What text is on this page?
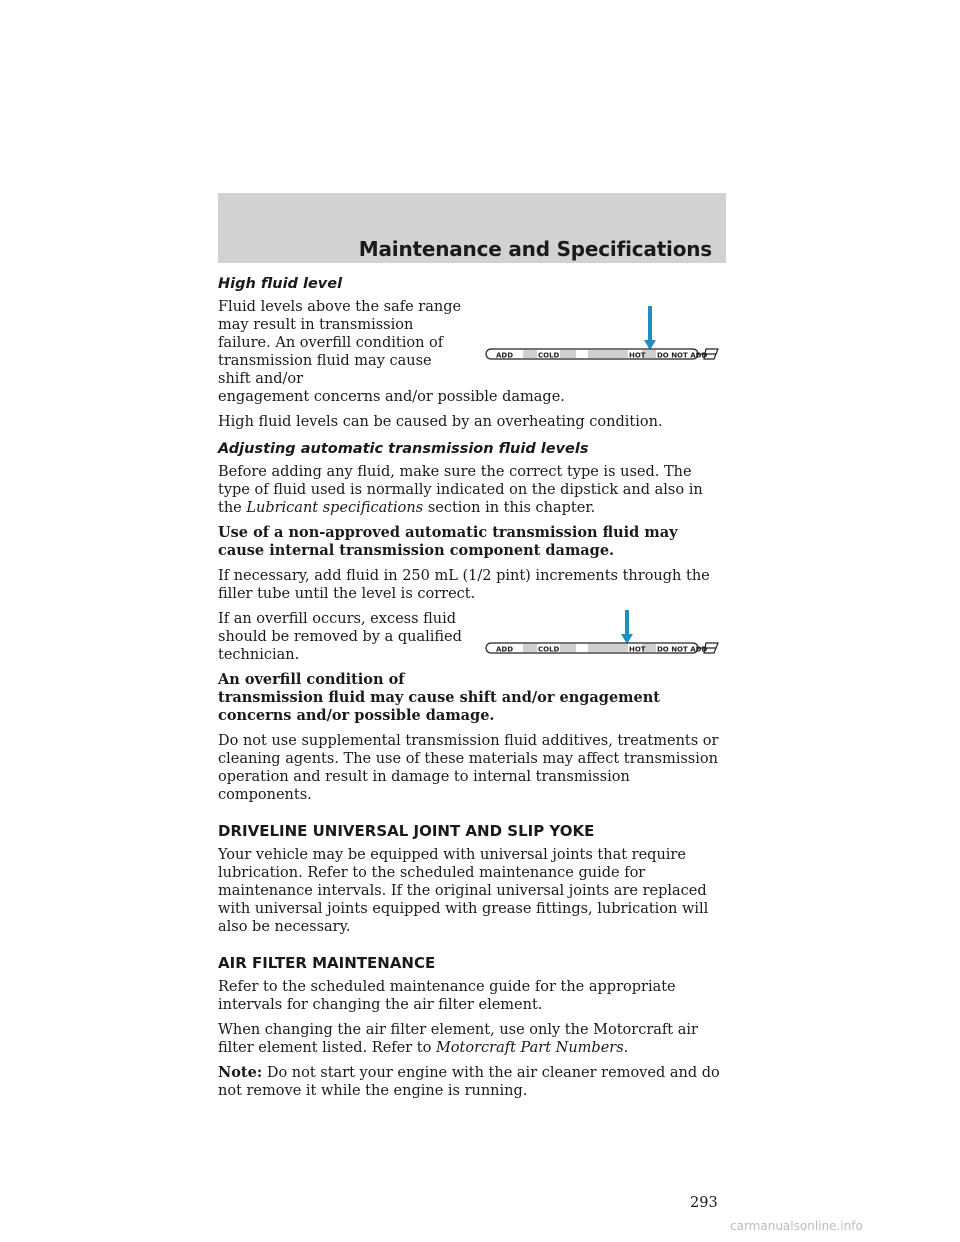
Maintenance and Specifications
High fluid level
ADD	COLD	HOT DO NOT ADD

Fluid levels above the safe range may result in transmission failure. An overfill condition of transmission fluid may cause shift and/or

engagement concerns and/or possible damage.

High fluid levels can be caused by an overheating condition.

Adjusting automatic transmission fluid levels

Before adding any fluid, make sure the correct type is used. The type of fluid used is normally indicated on the dipstick and also in the Lubricant specifications section in this chapter.

Use of a non-approved automatic transmission fluid may cause internal transmission component damage.

If necessary, add fluid in 250 mL (1/2 pint) increments through the filler tube until the level is correct.

ADD	COLD	HOT DO NOT ADD

If an overfill occurs, excess fluid should be removed by a qualified technician.

An overfill condition of

transmission fluid may cause shift and/or engagement concerns and/or possible damage.

Do not use supplemental transmission fluid additives, treatments or cleaning agents. The use of these materials may affect transmission operation and result in damage to internal transmission components.

DRIVELINE UNIVERSAL JOINT AND SLIP YOKE

Your vehicle may be equipped with universal joints that require lubrication. Refer to the scheduled maintenance guide for maintenance intervals. If the original universal joints are replaced with universal joints equipped with grease fittings, lubrication will also be necessary.

AIR FILTER MAINTENANCE

Refer to the scheduled maintenance guide for the appropriate intervals for changing the air filter element.

When changing the air filter element, use only the Motorcraft air filter element listed. Refer to Motorcraft Part Numbers.

Note: Do not start your engine with the air cleaner removed and do not remove it while the engine is running.

293
carmanualsonline.info
